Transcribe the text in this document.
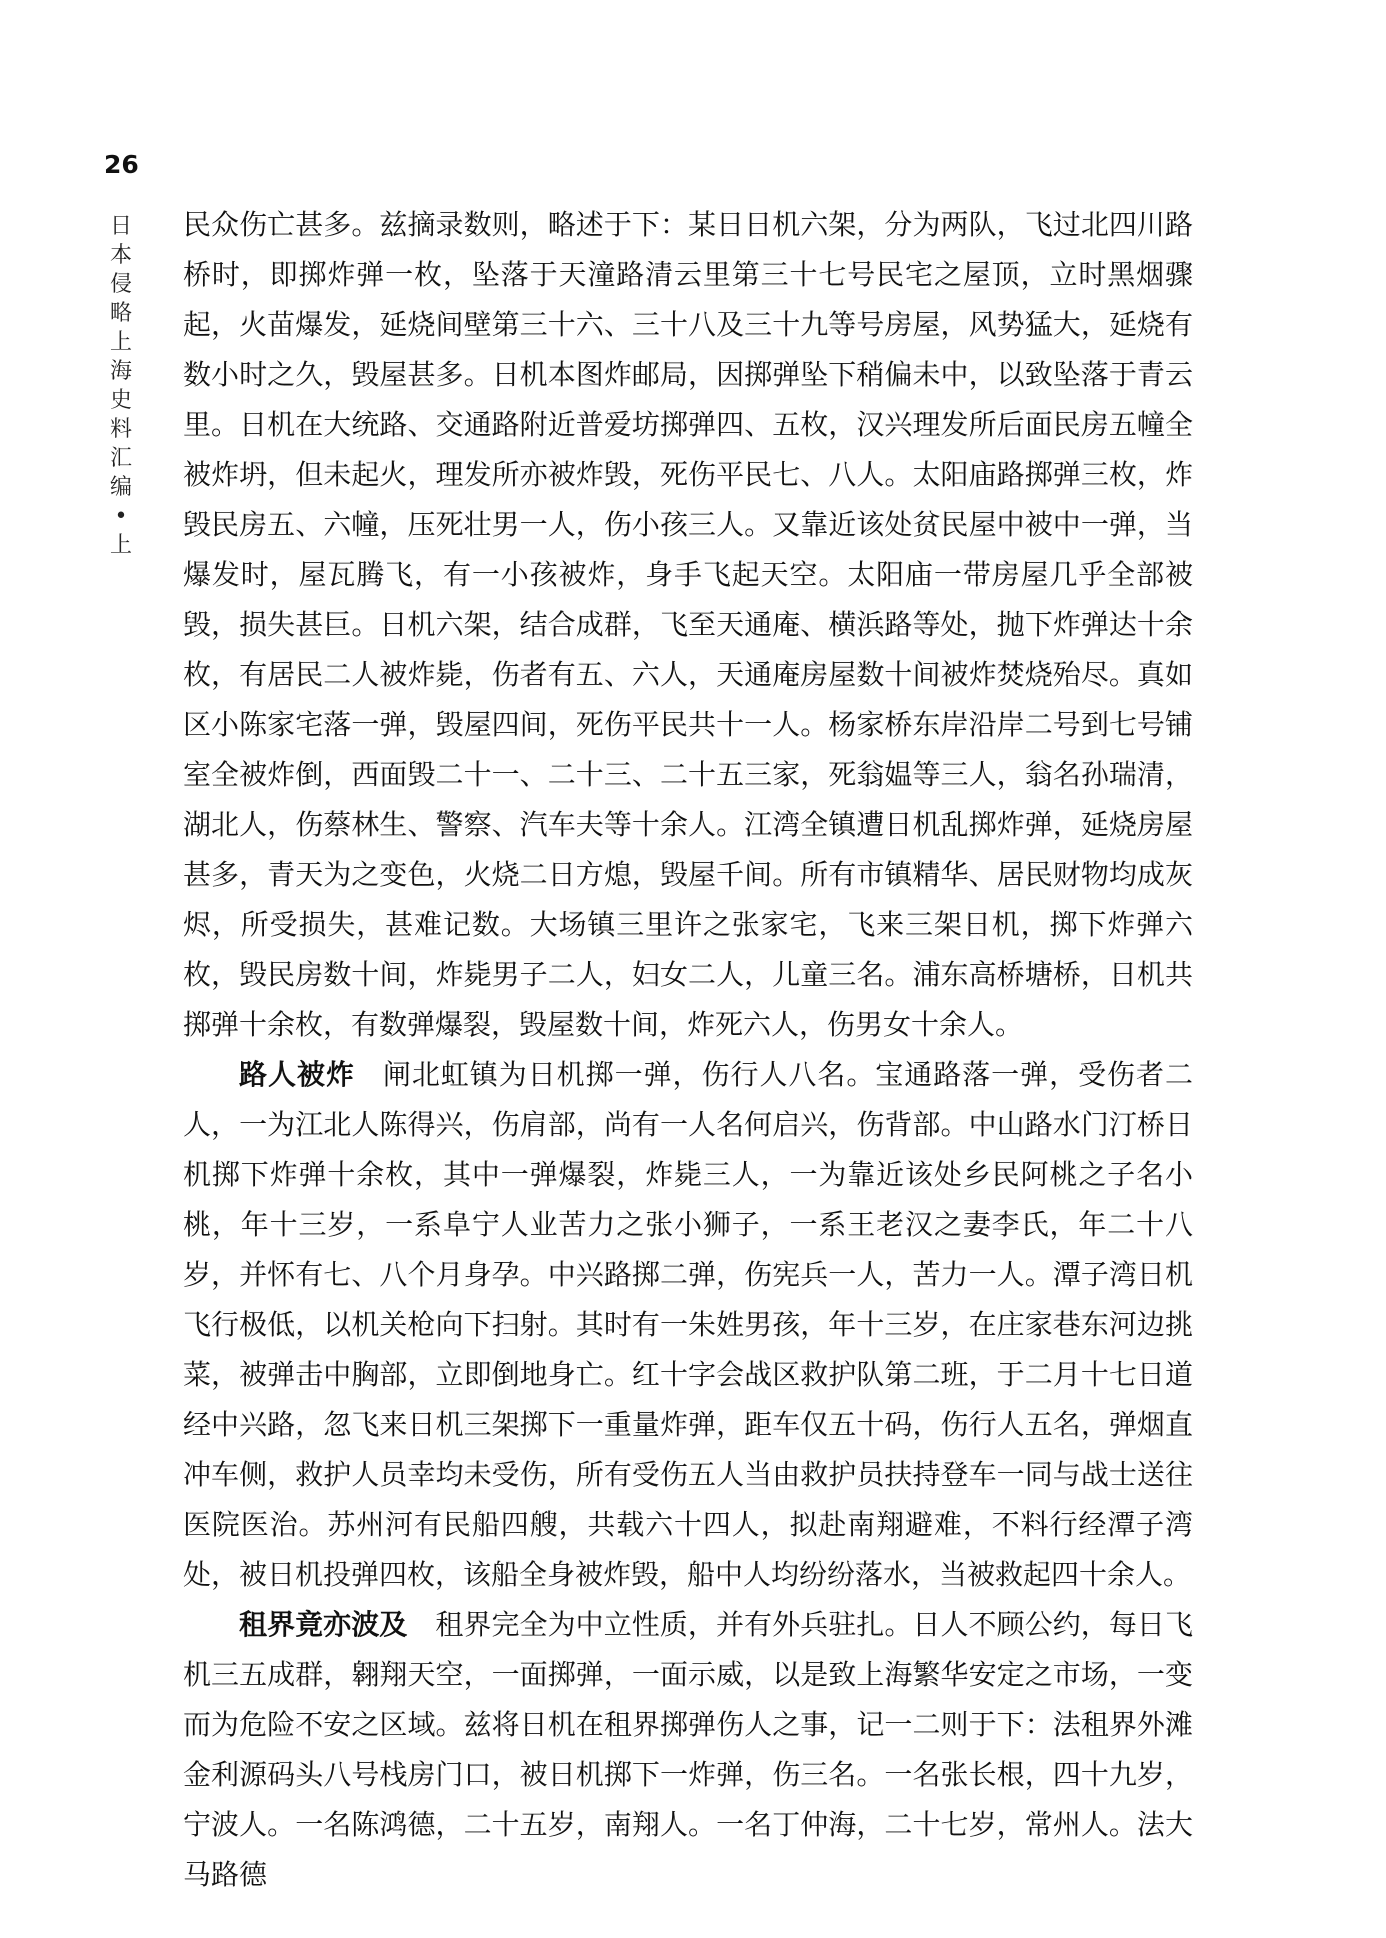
26
日本侵略上海史料汇编•上

民众伤亡甚多。兹摘录数则，略述于下：某日日机六架，分为两队，飞过北四川路桥时，即掷炸弹一枚，坠落于天潼路清云里第三十七号民宅之屋顶，立时黑烟骤起，火苗爆发，延烧间壁第三十六、三十八及三十九等号房屋，风势猛大，延烧有数小时之久，毁屋甚多。日机本图炸邮局，因掷弹坠下稍偏未中，以致坠落于青云里。日机在大统路、交通路附近普爱坊掷弹四、五枚，汉兴理发所后面民房五幢全被炸坍，但未起火，理发所亦被炸毁，死伤平民七、八人。太阳庙路掷弹三枚，炸毁民房五、六幢，压死壮男一人，伤小孩三人。又靠近该处贫民屋中被中一弹，当爆发时，屋瓦腾飞，有一小孩被炸，身手飞起天空。太阳庙一带房屋几乎全部被毁，损失甚巨。日机六架，结合成群，飞至天通庵、横浜路等处，抛下炸弹达十余枚，有居民二人被炸毙，伤者有五、六人，天通庵房屋数十间被炸焚烧殆尽。真如区小陈家宅落一弹，毁屋四间，死伤平民共十一人。杨家桥东岸沿岸二号到七号铺室全被炸倒，西面毁二十一、二十三、二十五三家，死翁媪等三人，翁名孙瑞清，湖北人，伤蔡林生、警察、汽车夫等十余人。江湾全镇遭日机乱掷炸弹，延烧房屋甚多，青天为之变色，火烧二日方熄，毁屋千间。所有市镇精华、居民财物均成灰烬，所受损失，甚难记数。大场镇三里许之张家宅，飞来三架日机，掷下炸弹六枚，毁民房数十间，炸毙男子二人，妇女二人，儿童三名。浦东高桥塘桥，日机共掷弹十余枚，有数弹爆裂，毁屋数十间，炸死六人，伤男女十余人。

路人被炸 闸北虹镇为日机掷一弹，伤行人八名。宝通路落一弹，受伤者二人，一为江北人陈得兴，伤肩部，尚有一人名何启兴，伤背部。中山路水门汀桥日机掷下炸弹十余枚，其中一弹爆裂，炸毙三人，一为靠近该处乡民阿桃之子名小桃，年十三岁，一系阜宁人业苦力之张小狮子，一系王老汉之妻李氏，年二十八岁，并怀有七、八个月身孕。中兴路掷二弹，伤宪兵一人，苦力一人。潭子湾日机飞行极低，以机关枪向下扫射。其时有一朱姓男孩，年十三岁，在庄家巷东河边挑菜，被弹击中胸部，立即倒地身亡。红十字会战区救护队第二班，于二月十七日道经中兴路，忽飞来日机三架掷下一重量炸弹，距车仅五十码，伤行人五名，弹烟直冲车侧，救护人员幸均未受伤，所有受伤五人当由救护员扶持登车一同与战士送往医院医治。苏州河有民船四艘，共载六十四人，拟赴南翔避难，不料行经潭子湾处，被日机投弹四枚，该船全身被炸毁，船中人均纷纷落水，当被救起四十余人。

租界竟亦波及 租界完全为中立性质，并有外兵驻扎。日人不顾公约，每日飞机三五成群，翱翔天空，一面掷弹，一面示威，以是致上海繁华安定之市场，一变而为危险不安之区域。兹将日机在租界掷弹伤人之事，记一二则于下：法租界外滩金利源码头八号栈房门口，被日机掷下一炸弹，伤三名。一名张长根，四十九岁，宁波人。一名陈鸿德，二十五岁，南翔人。一名丁仲海，二十七岁，常州人。法大马路德
